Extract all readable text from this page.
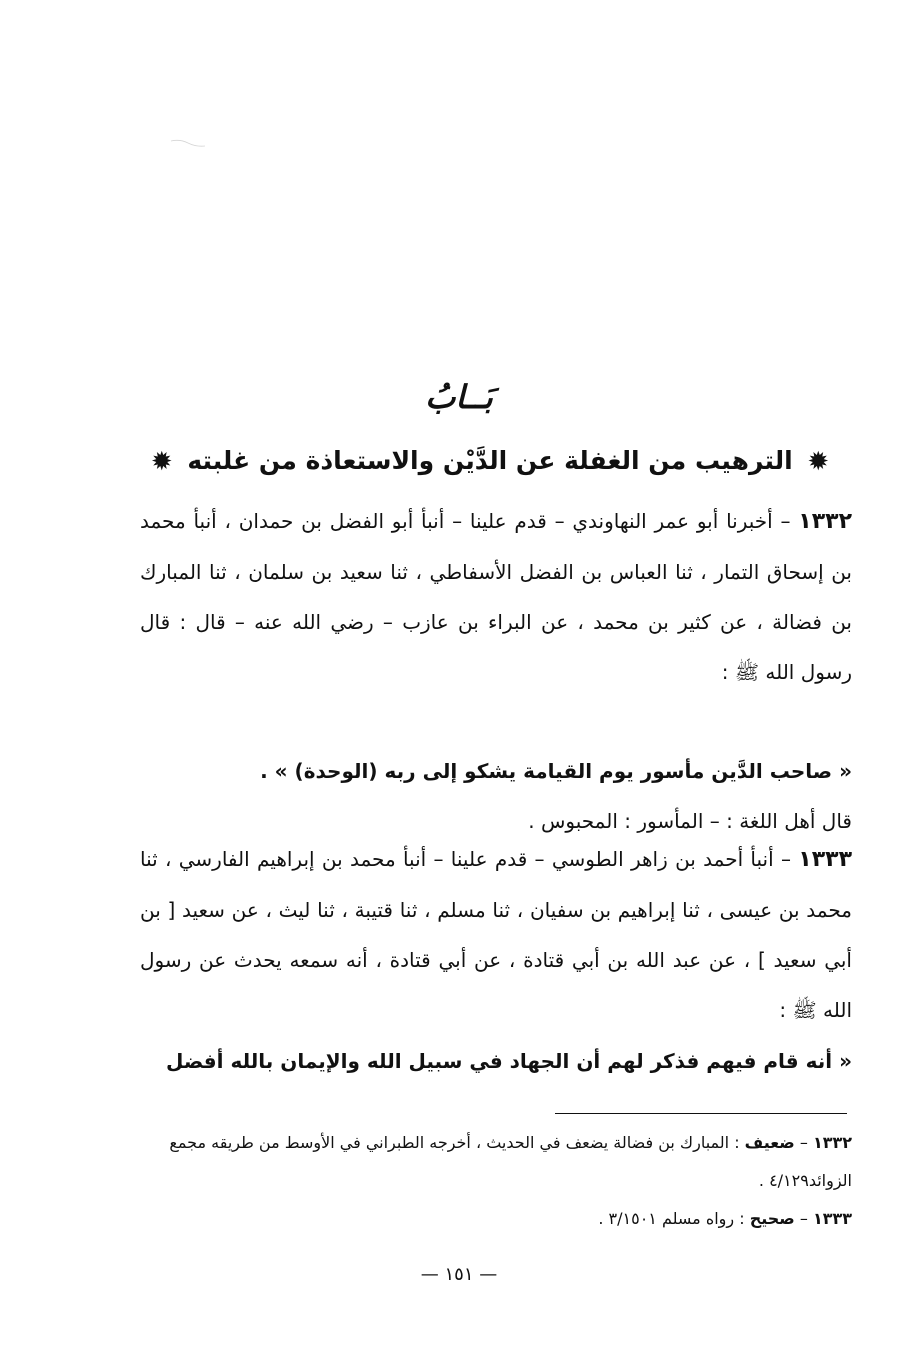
بَــابُ
✹ الترهيب من الغفلة عن الدَّيْن والاستعاذة من غلبته ✹
١٣٣٢ – أخبرنا أبو عمر النهاوندي – قدم علينا – أنبأ أبو الفضل بن حمدان ، أنبأ محمد بن إسحاق التمار ، ثنا العباس بن الفضل الأسفاطي ، ثنا سعيد بن سلمان ، ثنا المبارك بن فضالة ، عن كثير بن محمد ، عن البراء بن عازب – رضي الله عنه – قال : قال رسول الله ﷺ :
« صاحب الدَّين مأسور يوم القيامة يشكو إلى ربه (الوحدة) » .
قال أهل اللغة : – المأسور : المحبوس .
١٣٣٣ – أنبأ أحمد بن زاهر الطوسي – قدم علينا – أنبأ محمد بن إبراهيم الفارسي ، ثنا محمد بن عيسى ، ثنا إبراهيم بن سفيان ، ثنا مسلم ، ثنا قتيبة ، ثنا ليث ، عن سعيد [ بن أبي سعيد ] ، عن عبد الله بن أبي قتادة ، عن أبي قتادة ، أنه سمعه يحدث عن رسول الله ﷺ :
« أنه قام فيهم فذكر لهم أن الجهاد في سبيل الله والإيمان بالله أفضل
١٣٣٢ – ضعيف : المبارك بن فضالة يضعف في الحديث ، أخرجه الطبراني في الأوسط من طريقه مجمع الزوائد٤/١٢٩ .
١٣٣٣ – صحيح : رواه مسلم ٣/١٥٠١ .
— ١٥١ —
